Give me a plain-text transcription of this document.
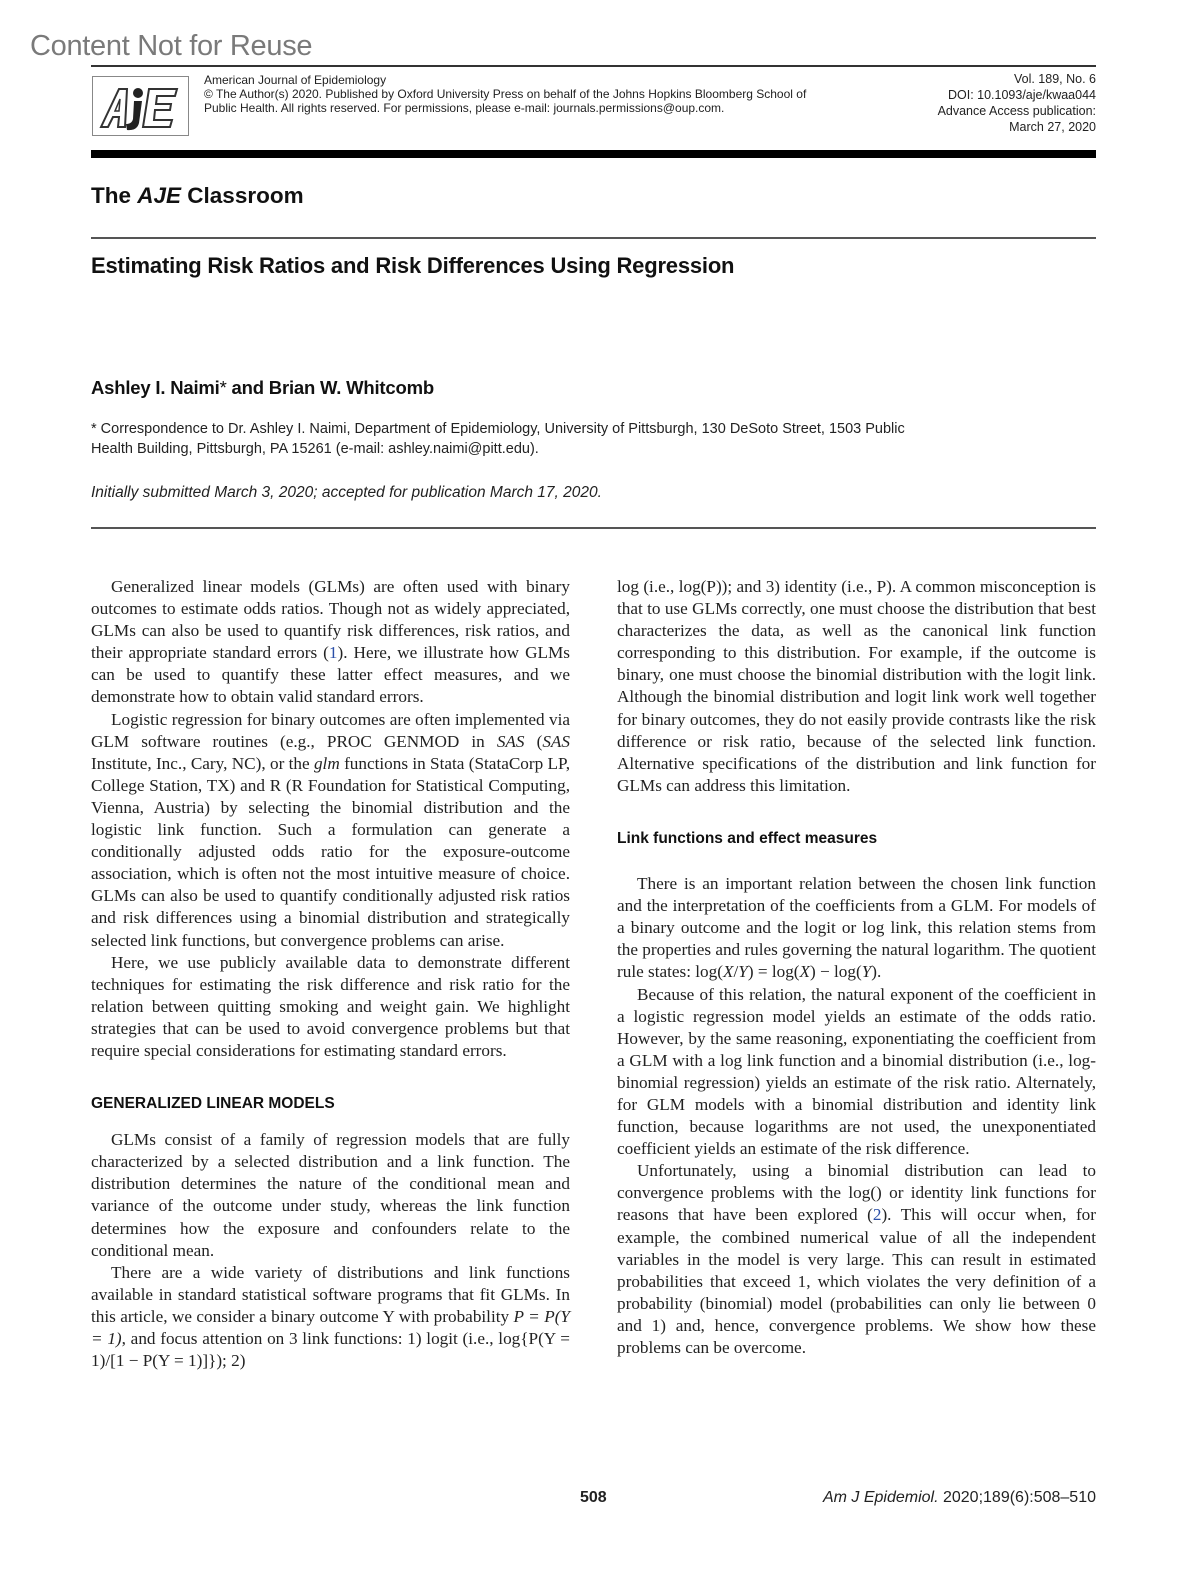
Content Not for Reuse
American Journal of Epidemiology
© The Author(s) 2020. Published by Oxford University Press on behalf of the Johns Hopkins Bloomberg School of
Public Health. All rights reserved. For permissions, please e-mail: journals.permissions@oup.com.
Vol. 189, No. 6
DOI: 10.1093/aje/kwaa044
Advance Access publication:
March 27, 2020
The AJE Classroom
Estimating Risk Ratios and Risk Differences Using Regression
Ashley I. Naimi* and Brian W. Whitcomb
* Correspondence to Dr. Ashley I. Naimi, Department of Epidemiology, University of Pittsburgh, 130 DeSoto Street, 1503 Public
Health Building, Pittsburgh, PA 15261 (e-mail: ashley.naimi@pitt.edu).
Initially submitted March 3, 2020; accepted for publication March 17, 2020.

Generalized linear models (GLMs) are often used with binary outcomes to estimate odds ratios. Though not as widely appreciated, GLMs can also be used to quantify risk differences, risk ratios, and their appropriate standard errors (1). Here, we illustrate how GLMs can be used to quantify these latter effect measures, and we demonstrate how to obtain valid standard errors.

Logistic regression for binary outcomes are often implemented via GLM software routines (e.g., PROC GENMOD in SAS (SAS Institute, Inc., Cary, NC), or the glm functions in Stata (StataCorp LP, College Station, TX) and R (R Foundation for Statistical Computing, Vienna, Austria) by selecting the binomial distribution and the logistic link function. Such a formulation can generate a conditionally adjusted odds ratio for the exposure-outcome association, which is often not the most intuitive measure of choice. GLMs can also be used to quantify conditionally adjusted risk ratios and risk differences using a binomial distribution and strategically selected link functions, but convergence problems can arise.

Here, we use publicly available data to demonstrate different techniques for estimating the risk difference and risk ratio for the relation between quitting smoking and weight gain. We highlight strategies that can be used to avoid convergence problems but that require special considerations for estimating standard errors.

GENERALIZED LINEAR MODELS

GLMs consist of a family of regression models that are fully characterized by a selected distribution and a link function. The distribution determines the nature of the conditional mean and variance of the outcome under study, whereas the link function determines how the exposure and confounders relate to the conditional mean.

There are a wide variety of distributions and link functions available in standard statistical software programs that fit GLMs. In this article, we consider a binary outcome Y with probability P = P(Y = 1), and focus attention on 3 link functions: 1) logit (i.e., log{P(Y = 1)/[1 − P(Y = 1)]}); 2)

log (i.e., log(P)); and 3) identity (i.e., P). A common misconception is that to use GLMs correctly, one must choose the distribution that best characterizes the data, as well as the canonical link function corresponding to this distribution. For example, if the outcome is binary, one must choose the binomial distribution with the logit link. Although the binomial distribution and logit link work well together for binary outcomes, they do not easily provide contrasts like the risk difference or risk ratio, because of the selected link function. Alternative specifications of the distribution and link function for GLMs can address this limitation.

Link functions and effect measures

There is an important relation between the chosen link function and the interpretation of the coefficients from a GLM. For models of a binary outcome and the logit or log link, this relation stems from the properties and rules governing the natural logarithm. The quotient rule states: log(X/Y) = log(X) − log(Y).

Because of this relation, the natural exponent of the coefficient in a logistic regression model yields an estimate of the odds ratio. However, by the same reasoning, exponentiating the coefficient from a GLM with a log link function and a binomial distribution (i.e., log-binomial regression) yields an estimate of the risk ratio. Alternately, for GLM models with a binomial distribution and identity link function, because logarithms are not used, the unexponentiated coefficient yields an estimate of the risk difference.

Unfortunately, using a binomial distribution can lead to convergence problems with the log() or identity link functions for reasons that have been explored (2). This will occur when, for example, the combined numerical value of all the independent variables in the model is very large. This can result in estimated probabilities that exceed 1, which violates the very definition of a probability (binomial) model (probabilities can only lie between 0 and 1) and, hence, convergence problems. We show how these problems can be overcome.

508	Am J Epidemiol. 2020;189(6):508–510
